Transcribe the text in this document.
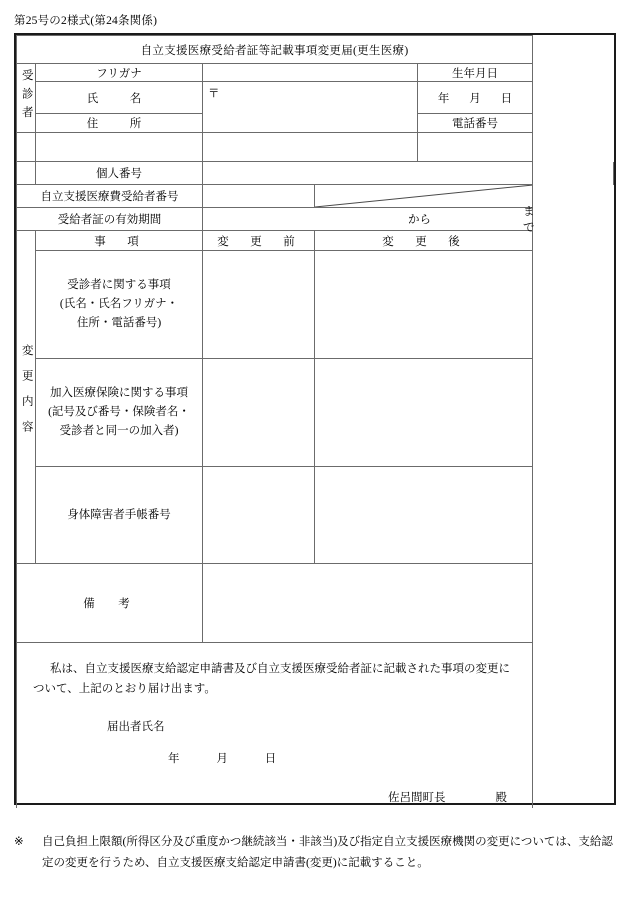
第25号の2様式(第24条関係)
自立支援医療受給者証等記載事項変更届(更生医療)					
受診者	フリガナ			生年月日	
	氏　名	〒		年 月 日	

	住　所			電話番号	

	個人番号			

自立支援医療費受給者番号	

受給者証の有効期間		から
まで			

変更内容	事　項	変　更　前	変　更　後		
	受診者に関する事項
(氏名・氏名フリガナ・
住所・電話番号)				
	加入医療保険に関する事項
(記号及び番号・保険者名・
受診者と同一の加入者)				
	身体障害者手帳番号				
備　考					

私は、自立支援医療支給認定申請書及び自立支援医療受給者証に記載された事項の変更について、上記のとおり届け出ます。

届出者氏名

年 月 日

佐呂間町長 殿					

※	自己負担上限額(所得区分及び重度かつ継続該当・非該当)及び指定自立支援医療機関の変更については、支給認定の変更を行うため、自立支援医療支給認定申請書(変更)に記載すること。
